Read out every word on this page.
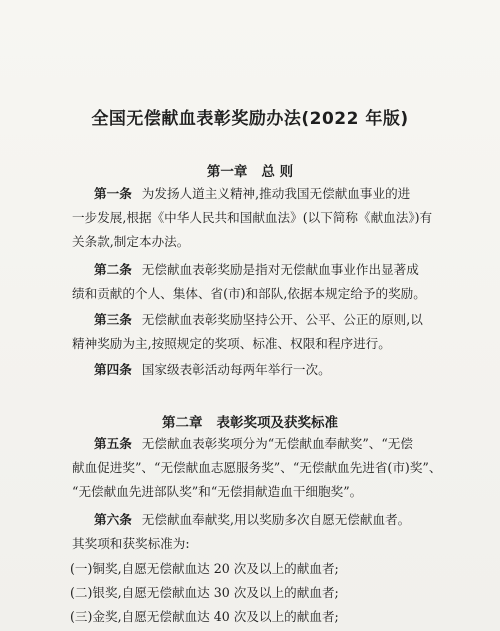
全国无偿献血表彰奖励办法(2022 年版)
第一章 总 则
第一条 为发扬人道主义精神,推动我国无偿献血事业的进
一步发展,根据《中华人民共和国献血法》(以下简称《献血法》)有
关条款,制定本办法。
第二条 无偿献血表彰奖励是指对无偿献血事业作出显著成
绩和贡献的个人、集体、省(市)和部队,依据本规定给予的奖励。
第三条 无偿献血表彰奖励坚持公开、公平、公正的原则,以
精神奖励为主,按照规定的奖项、标准、权限和程序进行。
第四条 国家级表彰活动每两年举行一次。
第二章 表彰奖项及获奖标准
第五条 无偿献血表彰奖项分为“无偿献血奉献奖”、“无偿
献血促进奖”、“无偿献血志愿服务奖”、“无偿献血先进省(市)奖”、
“无偿献血先进部队奖”和“无偿捐献造血干细胞奖”。
第六条 无偿献血奉献奖,用以奖励多次自愿无偿献血者。
其奖项和获奖标准为:
(一)铜奖,自愿无偿献血达 20 次及以上的献血者;
(二)银奖,自愿无偿献血达 30 次及以上的献血者;
(三)金奖,自愿无偿献血达 40 次及以上的献血者;
